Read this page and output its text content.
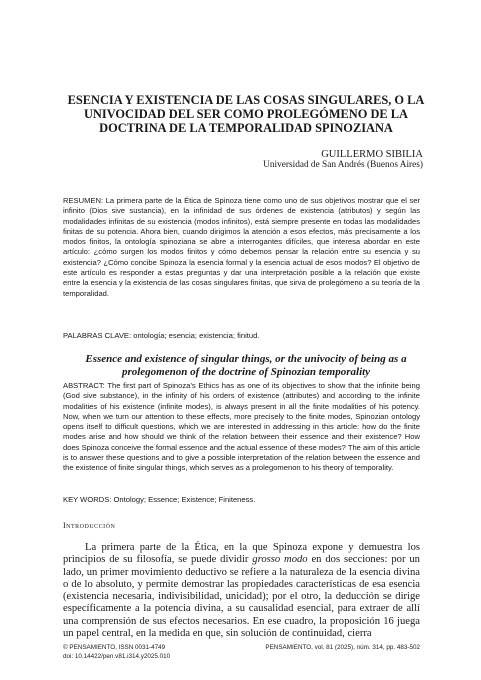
ESENCIA Y EXISTENCIA DE LAS COSAS SINGULARES, O LA UNIVOCIDAD DEL SER COMO PROLEGÓMENO DE LA DOCTRINA DE LA TEMPORALIDAD SPINOZIANA
GUILLERMO SIBILIA
Universidad de San Andrés (Buenos Aires)
RESUMEN: La primera parte de la Ética de Spinoza tiene como uno de sus objetivos mostrar que el ser infinito (Dios sive sustancia), en la infinidad de sus órdenes de existencia (atributos) y según las modalidades infinitas de su existencia (modos infinitos), está siempre presente en todas las modalidades finitas de su potencia. Ahora bien, cuando dirigimos la atención a esos efectos, más precisamente a los modos finitos, la ontología spinoziana se abre a interrogantes difíciles, que interesa abordar en este artículo: ¿cómo surgen los modos finitos y cómo debemos pensar la relación entre su esencia y su existencia? ¿Cómo concibe Spinoza la esencia formal y la esencia actual de esos modos? El objetivo de este artículo es responder a estas preguntas y dar una interpretación posible a la relación que existe entre la esencia y la existencia de las cosas singulares finitas, que sirva de prolegómeno a su teoría de la temporalidad.
PALABRAS CLAVE: ontología; esencia; existencia; finitud.
Essence and existence of singular things, or the univocity of being as a prolegomenon of the doctrine of Spinozian temporality
ABSTRACT: The first part of Spinoza’s Ethics has as one of its objectives to show that the infinite being (God sive substance), in the infinity of his orders of existence (attributes) and according to the infinite modalities of his existence (infinite modes), is always present in all the finite modalities of his potency. Now, when we turn our attention to these effects, more precisely to the finite modes, Spinozian ontology opens itself to difficult questions, which we are interested in addressing in this article: how do the finite modes arise and how should we think of the relation between their essence and their existence? How does Spinoza conceive the formal essence and the actual essence of these modes? The aim of this article is to answer these questions and to give a possible interpretation of the relation between the essence and the existence of finite singular things, which serves as a prolegomenon to his theory of temporality.
KEY WORDS: Ontology; Essence; Existence; Finiteness.
Introducción
La primera parte de la Ética, en la que Spinoza expone y demuestra los principios de su filosofía, se puede dividir grosso modo en dos secciones: por un lado, un primer movimiento deductivo se refiere a la naturaleza de la esencia divina o de lo absoluto, y permite demostrar las propiedades características de esa esencia (existencia necesaria, indivisibilidad, unicidad); por el otro, la deducción se dirige específicamente a la potencia divina, a su causalidad esencial, para extraer de allí una comprensión de sus efectos necesarios. En ese cuadro, la proposición 16 juega un papel central, en la medida en que, sin solución de continuidad, cierra
© PENSAMIENTO, ISSN 0031-4749
doi: 10.14422/pen.v81.i314.y2025.010
PENSAMIENTO, vol. 81 (2025), núm. 314, pp. 483-502
